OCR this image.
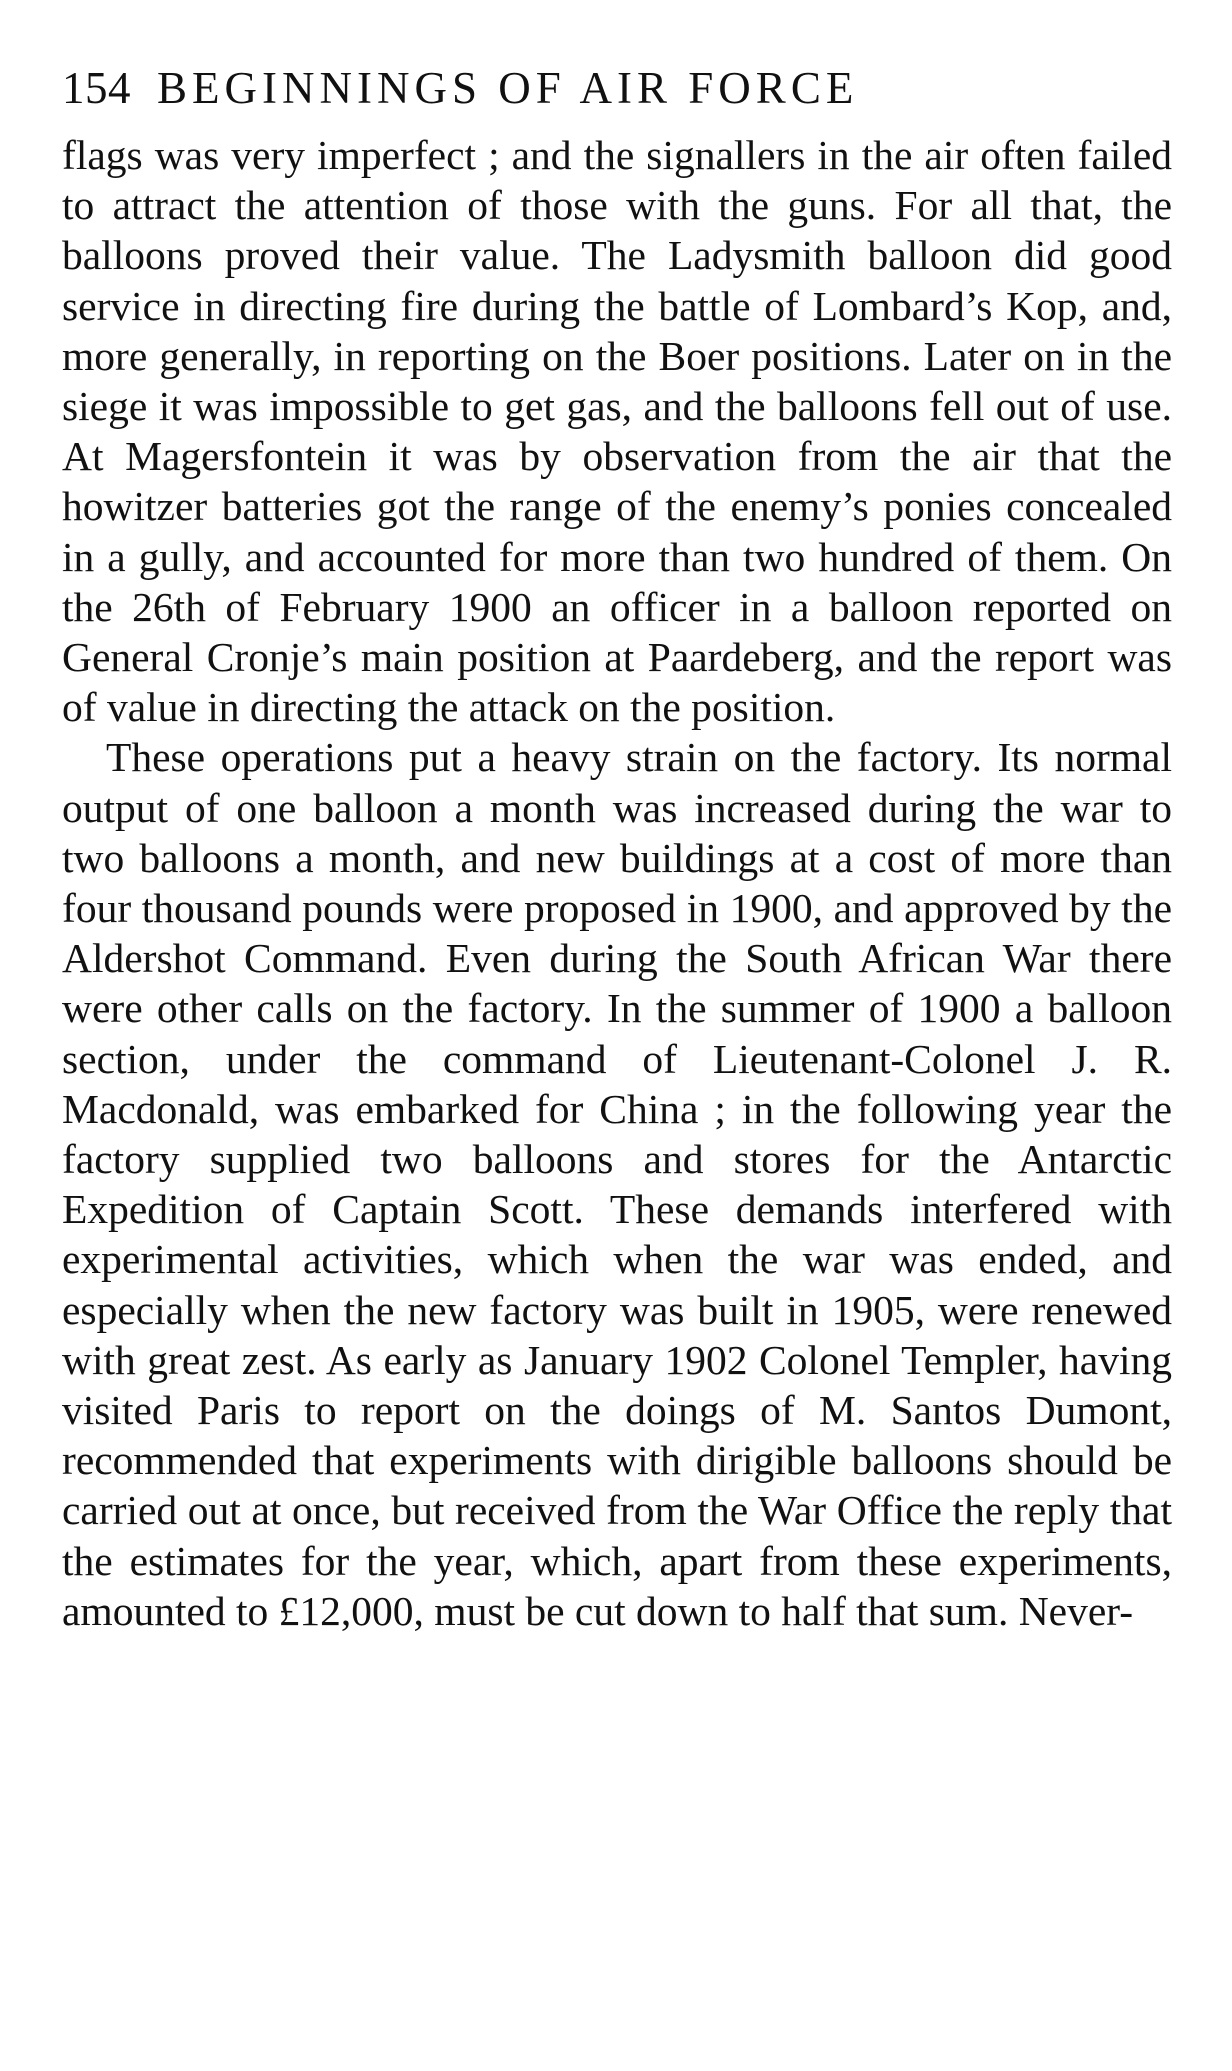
154 BEGINNINGS OF AIR FORCE

flags was very imperfect ; and the signallers in the air often failed to attract the attention of those with the guns. For all that, the balloons proved their value. The Ladysmith balloon did good service in directing fire during the battle of Lombard’s Kop, and, more generally, in reporting on the Boer positions. Later on in the siege it was impossible to get gas, and the balloons fell out of use. At Magersfontein it was by observation from the air that the howitzer batteries got the range of the enemy’s ponies concealed in a gully, and accounted for more than two hundred of them. On the 26th of February 1900 an officer in a balloon reported on General Cronje’s main position at Paardeberg, and the report was of value in directing the attack on the position.

These operations put a heavy strain on the factory. Its normal output of one balloon a month was increased during the war to two balloons a month, and new buildings at a cost of more than four thousand pounds were proposed in 1900, and approved by the Aldershot Command. Even during the South African War there were other calls on the factory. In the summer of 1900 a balloon section, under the command of Lieutenant-Colonel J. R. Macdonald, was embarked for China ; in the following year the factory supplied two balloons and stores for the Antarctic Expedition of Captain Scott. These demands interfered with experimental activities, which when the war was ended, and especially when the new factory was built in 1905, were renewed with great zest. As early as January 1902 Colonel Templer, having visited Paris to report on the doings of M. Santos Dumont, recommended that experiments with dirigible balloons should be carried out at once, but received from the War Office the reply that the estimates for the year, which, apart from these experiments, amounted to £12,000, must be cut down to half that sum. Never-
